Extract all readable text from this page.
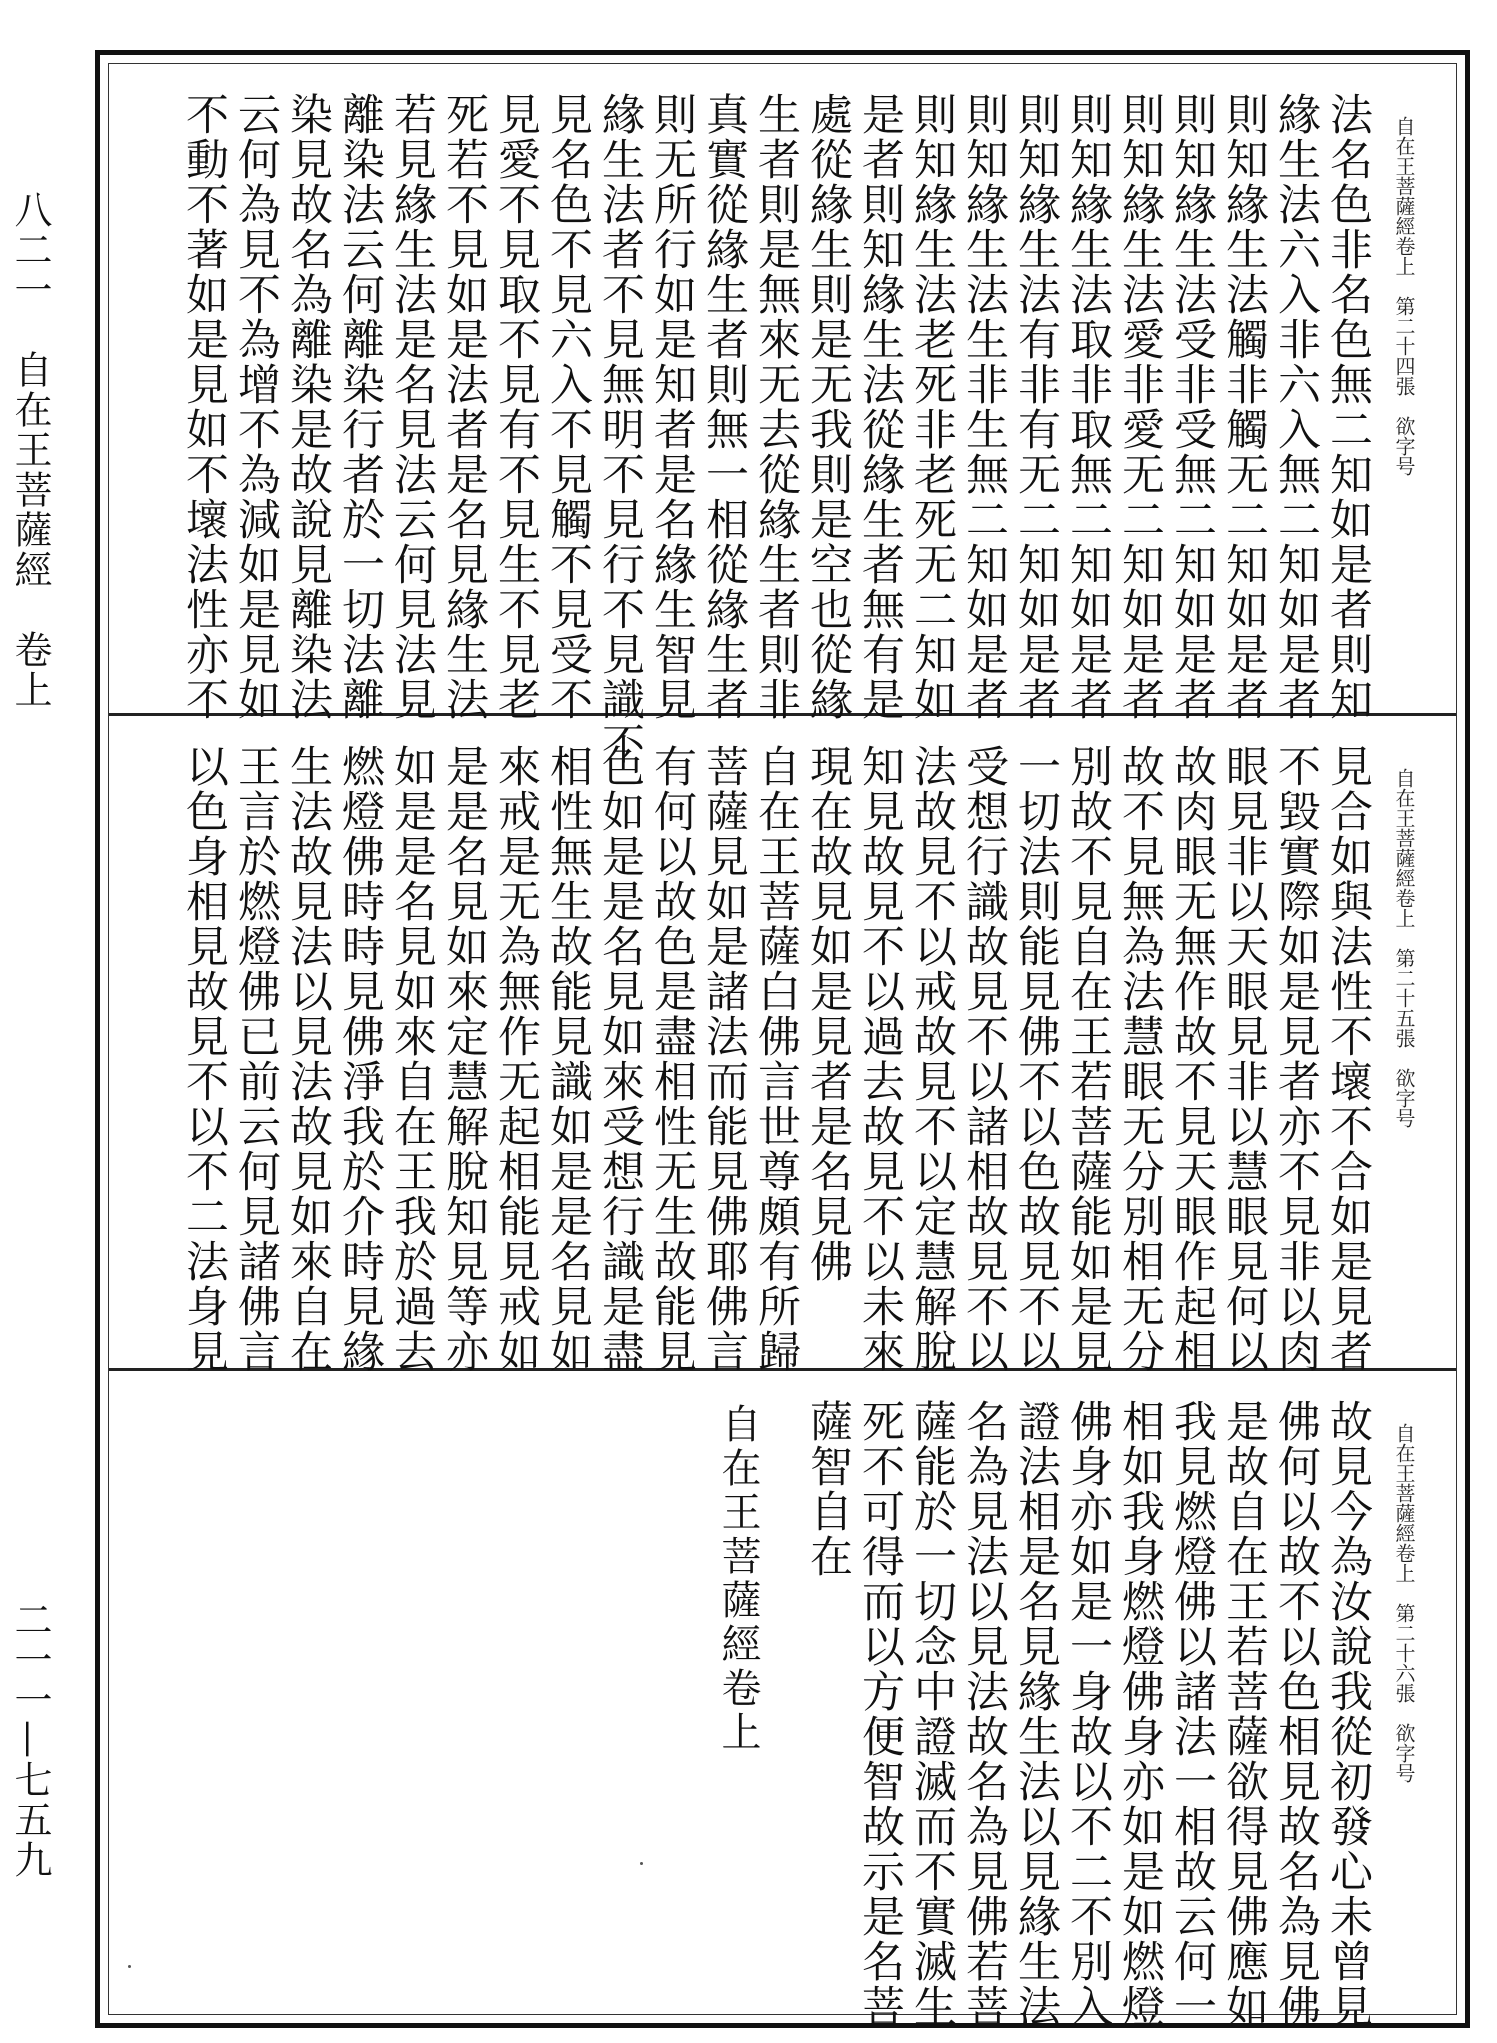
八二一　自在王菩薩經　卷上
二一一—七五九
自在王菩薩經卷上　第二十四張　欲字号
法名色非名色無二知如是者則知
緣生法六入非六入無二知如是者
則知緣生法觸非觸无二知如是者
則知緣生法受非受無二知如是者
則知緣生法愛非愛无二知如是者
則知緣生法取非取無二知如是者
則知緣生法有非有无二知如是者
則知緣生法生非生無二知如是者
則知緣生法老死非老死无二知如
是者則知緣生法從緣生者無有是
處從緣生則是无我則是空也從緣
生者則是無來无去從緣生者則非
真實從緣生者則無一相從緣生者
則无所行如是知者是名緣生智見
緣生法者不見無明不見行不見識不
見名色不見六入不見觸不見受不
見愛不見取不見有不見生不見老
死若不見如是法者是名見緣生法
若見緣生法是名見法云何見法見
離染法云何離染行者於一切法離
染見故名為離染是故說見離染法
云何為見不為增不為減如是見如
不動不著如是見如不壞法性亦不
自在王菩薩經卷上　第二十五張　欲字号
見合如與法性不壞不合如是見者
不毀實際如是見者亦不見非以肉
眼見非以天眼見非以慧眼見何以
故肉眼无無作故不見天眼作起相
故不見無為法慧眼无分別相无分
別故不見自在王若菩薩能如是見
一切法則能見佛不以色故見不以
受想行識故見不以諸相故見不以
法故見不以戒故見不以定慧解脫
知見故見不以過去故見不以未來
現在故見如是見者是名見佛
自在王菩薩白佛言世尊頗有所歸
菩薩見如是諸法而能見佛耶佛言
有何以故色是盡相性无生故能見
色如是是名見如來受想行識是盡
相性無生故能見識如是是名見如
來戒是无為無作无起相能見戒如
是是名見如來定慧解脫知見等亦
如是是名見如來自在王我於過去
燃燈佛時時見佛淨我於介時見緣
生法故見法以見法故見如來自在
王言於燃燈佛已前云何見諸佛言
以色身相見故見不以不二法身見
自在王菩薩經卷上　第二十六張　欲字号
故見今為汝說我從初發心未曾見
佛何以故不以色相見故名為見佛
是故自在王若菩薩欲得見佛應如
我見燃燈佛以諸法一相故云何一
相如我身燃燈佛身亦如是如燃燈
佛身亦如是一身故以不二不別入
證法相是名見緣生法以見緣生法
名為見法以見法故名為見佛若菩
薩能於一切念中證滅而不實滅生
死不可得而以方便智故示是名菩
薩智自在
自在王菩薩經卷上
